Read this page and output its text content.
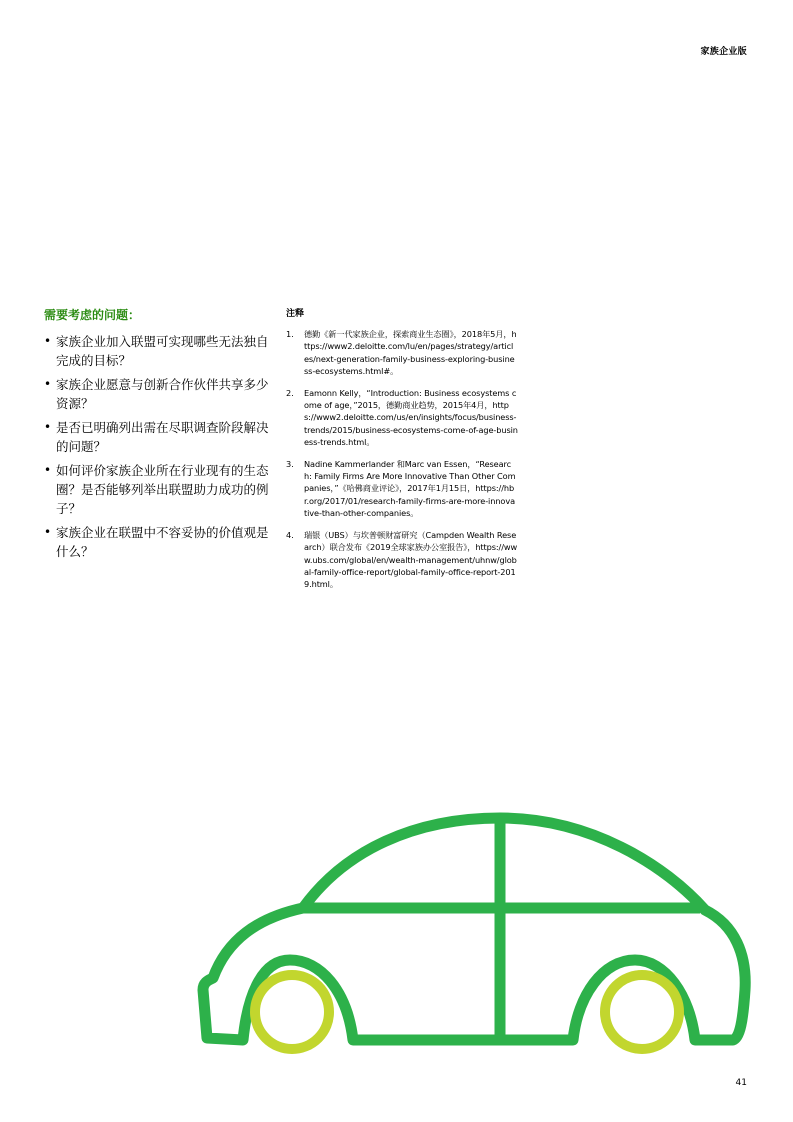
家族企业版
需要考虑的问题：
• 家族企业加入联盟可实现哪些无法独自完成的目标？
• 家族企业愿意与创新合作伙伴共享多少资源？
• 是否已明确列出需在尽职调查阶段解决的问题？
• 如何评价家族企业所在行业现有的生态圈？是否能够列举出联盟助力成功的例子？
• 家族企业在联盟中不容妥协的价值观是什么？
注释
1. 德勤《新一代家族企业，探索商业生态圈》，2018年5月，https://www2.deloitte.com/lu/en/pages/strategy/articles/next-generation-family-business-exploring-business-ecosystems.html#。
2. Eamonn Kelly，“Introduction: Business ecosystems come of age，”2015，德勤商业趋势，2015年4月，https://www2.deloitte.com/us/en/insights/focus/business-trends/2015/business-ecosystems-come-of-age-business-trends.html。
3. Nadine Kammerlander 和Marc van Essen，“Research: Family Firms Are More Innovative Than Other Companies，”《哈佛商业评论》，2017年1月15日，https://hbr.org/2017/01/research-family-firms-are-more-innovative-than-other-companies。
4. 瑞银（UBS）与坎普顿财富研究（Campden Wealth Research）联合发布《2019全球家族办公室报告》，https://www.ubs.com/global/en/wealth-management/uhnw/global-family-office-report/global-family-office-report-2019.html。
41
